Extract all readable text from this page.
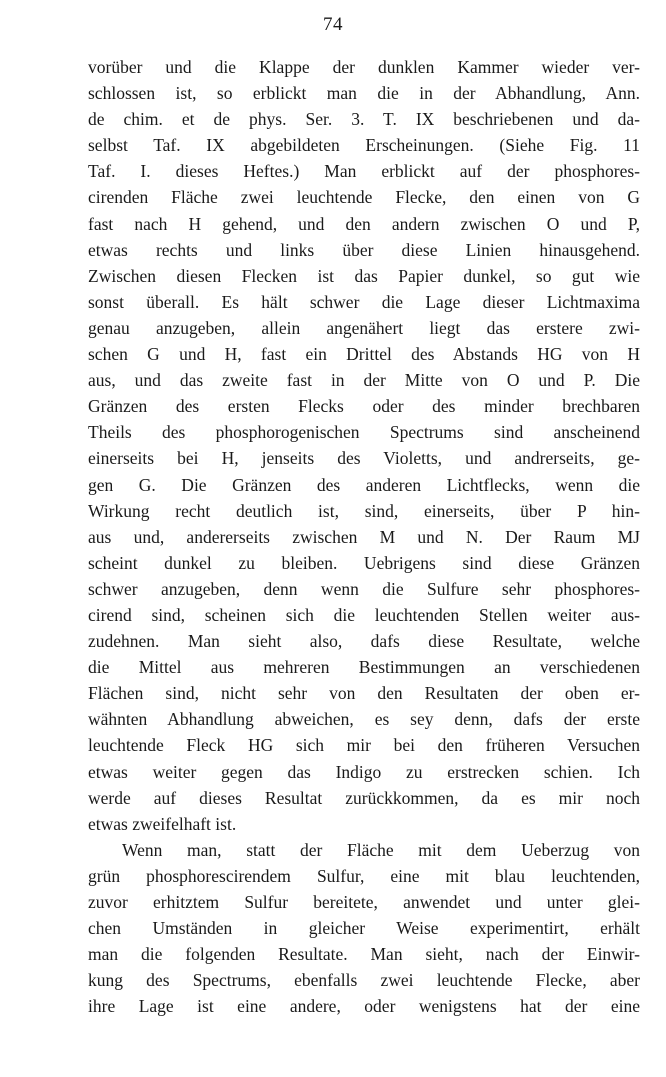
74
vorüber und die Klappe der dunklen Kammer wieder ver-
schlossen ist, so erblickt man die in der Abhandlung, Ann.
de chim. et de phys. Ser. 3. T. IX beschriebenen und da-
selbst Taf. IX abgebildeten Erscheinungen. (Siehe Fig. 11
Taf. I. dieses Heftes.) Man erblickt auf der phosphores-
cirenden Fläche zwei leuchtende Flecke, den einen von G
fast nach H gehend, und den andern zwischen O und P,
etwas rechts und links über diese Linien hinausgehend.
Zwischen diesen Flecken ist das Papier dunkel, so gut wie
sonst überall. Es hält schwer die Lage dieser Lichtmaxima
genau anzugeben, allein angenähert liegt das erstere zwi-
schen G und H, fast ein Drittel des Abstands HG von H
aus, und das zweite fast in der Mitte von O und P. Die
Gränzen des ersten Flecks oder des minder brechbaren
Theils des phosphorogenischen Spectrums sind anscheinend
einerseits bei H, jenseits des Violetts, und andrerseits, ge-
gen G. Die Gränzen des anderen Lichtflecks, wenn die
Wirkung recht deutlich ist, sind, einerseits, über P hin-
aus und, andererseits zwischen M und N. Der Raum MJ
scheint dunkel zu bleiben. Uebrigens sind diese Gränzen
schwer anzugeben, denn wenn die Sulfure sehr phosphores-
cirend sind, scheinen sich die leuchtenden Stellen weiter aus-
zudehnen. Man sieht also, dafs diese Resultate, welche
die Mittel aus mehreren Bestimmungen an verschiedenen
Flächen sind, nicht sehr von den Resultaten der oben er-
wähnten Abhandlung abweichen, es sey denn, dafs der erste
leuchtende Fleck HG sich mir bei den früheren Versuchen
etwas weiter gegen das Indigo zu erstrecken schien. Ich
werde auf dieses Resultat zurückkommen, da es mir noch
etwas zweifelhaft ist.
Wenn man, statt der Fläche mit dem Ueberzug von
grün phosphorescirendem Sulfur, eine mit blau leuchtenden,
zuvor erhitztem Sulfur bereitete, anwendet und unter glei-
chen Umständen in gleicher Weise experimentirt, erhält
man die folgenden Resultate. Man sieht, nach der Einwir-
kung des Spectrums, ebenfalls zwei leuchtende Flecke, aber
ihre Lage ist eine andere, oder wenigstens hat der eine
